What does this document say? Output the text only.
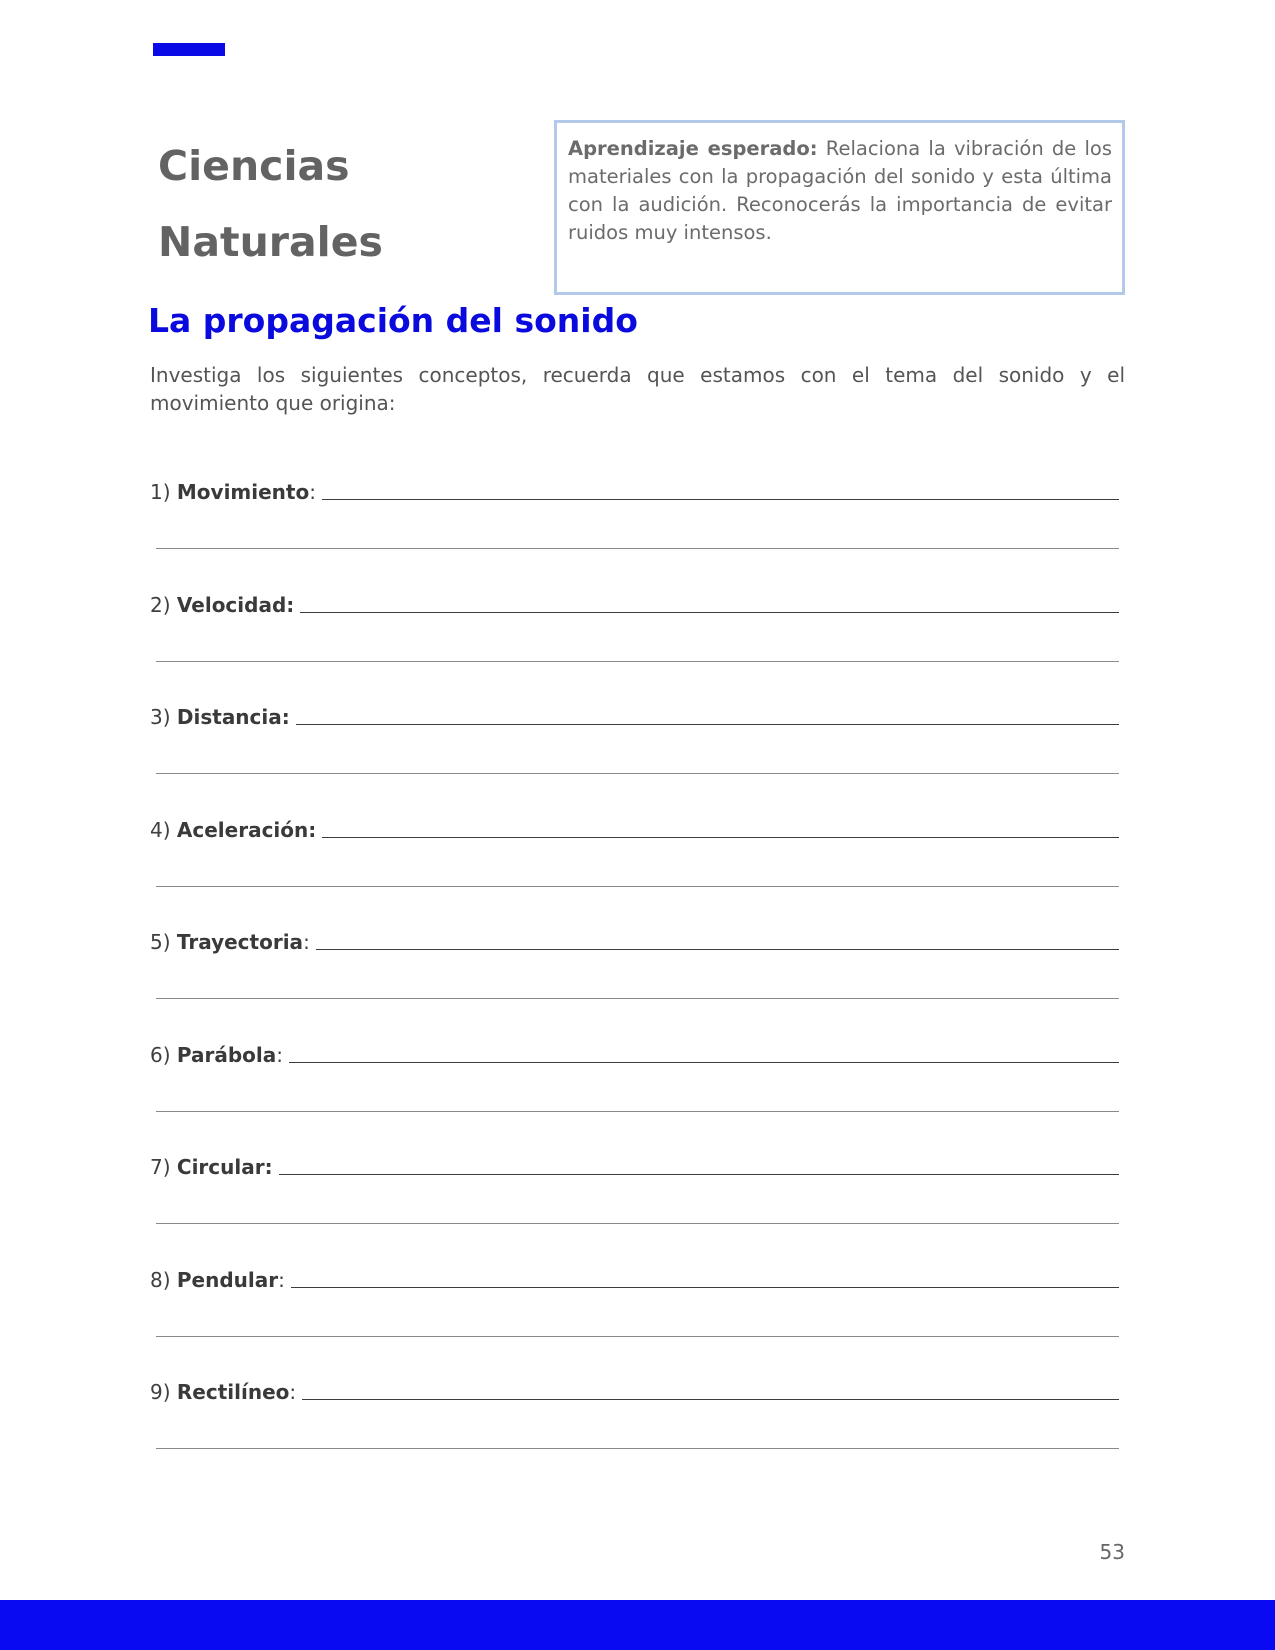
Ciencias
Naturales
Aprendizaje esperado: Relaciona la vibración de los materiales con la propagación del sonido y esta última con la audición. Reconocerás la importancia de evitar ruidos muy intensos.
La propagación del sonido

Investiga los siguientes conceptos, recuerda que estamos con el tema del sonido y el movimiento que origina:

1) Movimiento:
2) Velocidad:
3) Distancia:
4) Aceleración:
5) Trayectoria:
6) Parábola:
7) Circular:
8) Pendular:
9) Rectilíneo:
53
